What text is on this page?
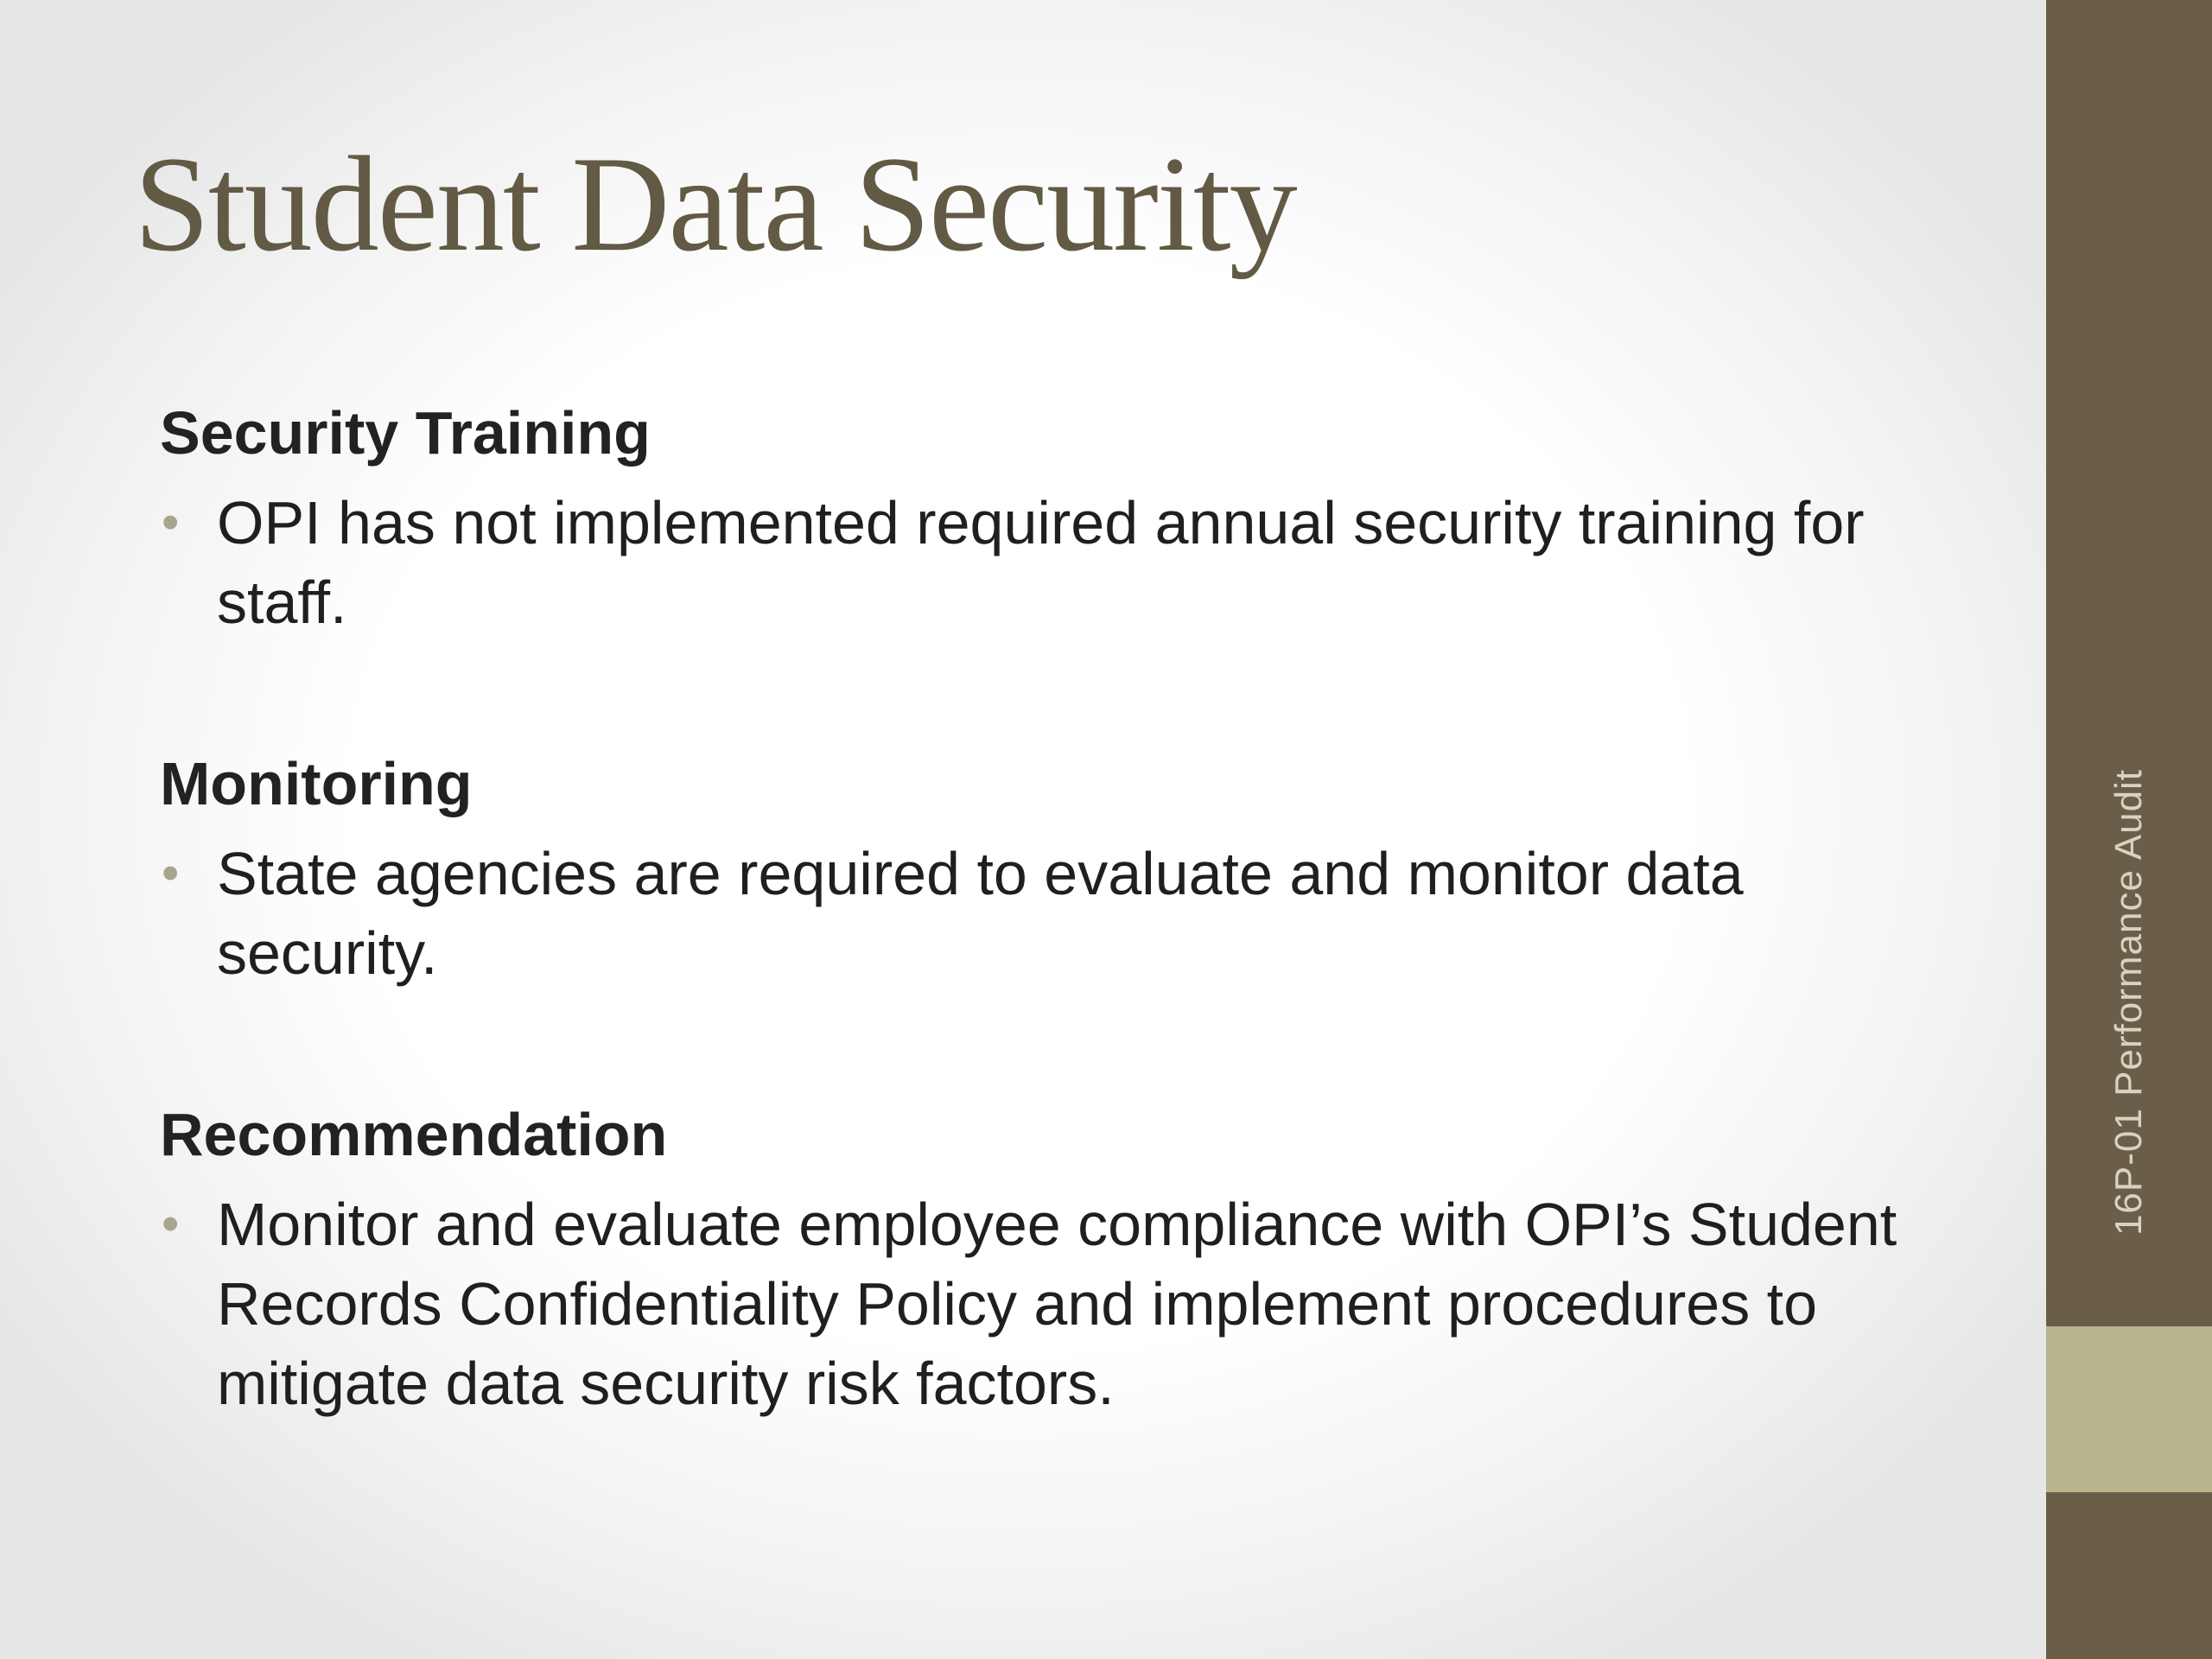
Student Data Security
Security Training
• OPI has not implemented required annual security training for staff.
Monitoring
• State agencies are required to evaluate and monitor data security.
Recommendation
• Monitor and evaluate employee compliance with OPI’s Student Records Confidentiality Policy and implement procedures to mitigate data security risk factors.
16P-01 Performance Audit
